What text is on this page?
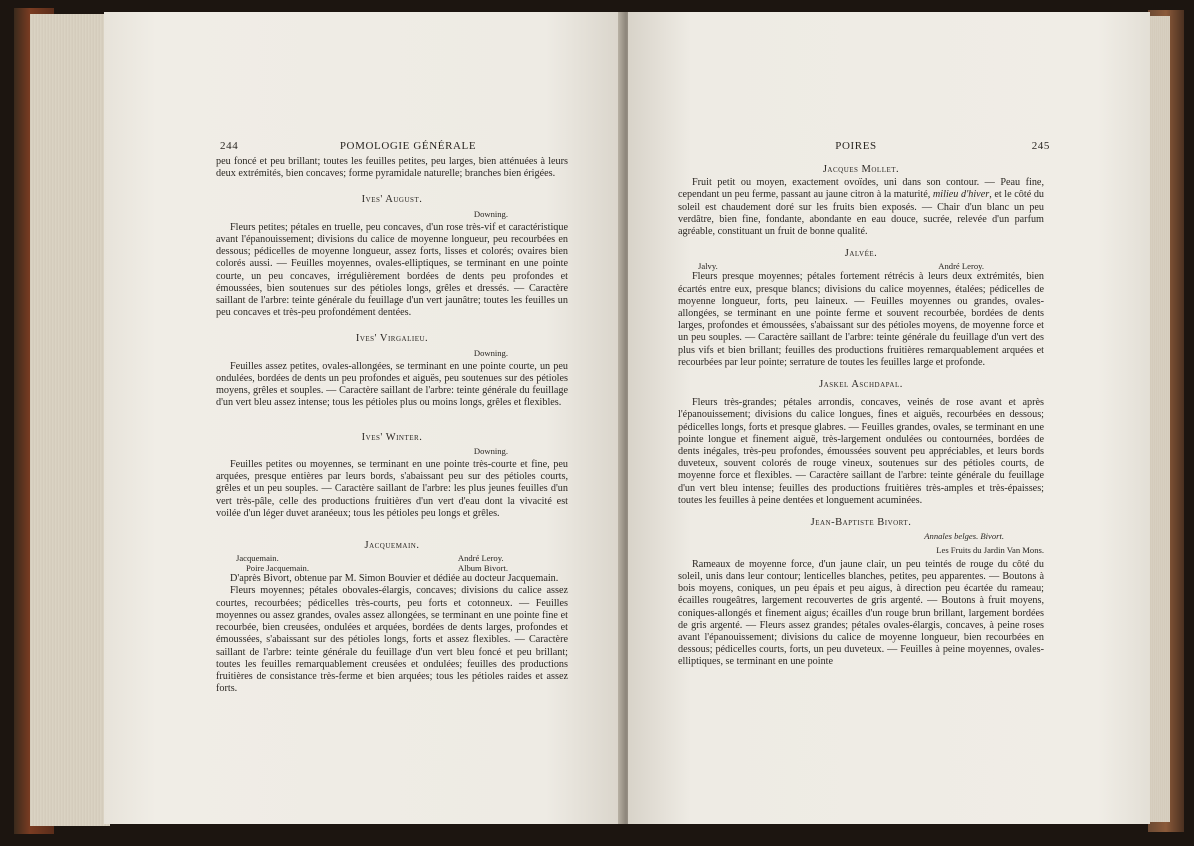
244	POMOLOGIE GÉNÉRALE

peu foncé et peu brillant; toutes les feuilles petites, peu larges, bien atténuées à leurs deux extrémités, bien concaves; forme pyramidale naturelle; branches bien érigées.

Ives' August.
Downing.

Fleurs petites; pétales en truelle, peu concaves, d'un rose très-vif et caractéristique avant l'épanouissement; divisions du calice de moyenne longueur, peu recourbées en dessous; pédicelles de moyenne longueur, assez forts, lisses et colorés; ovaires bien colorés aussi. — Feuilles moyennes, ovales-elliptiques, se terminant en une pointe courte, un peu concaves, irrégulièrement bordées de dents peu profondes et émoussées, bien soutenues sur des pétioles longs, grêles et dressés. — Caractère saillant de l'arbre: teinte générale du feuillage d'un vert jaunâtre; toutes les feuilles un peu concaves et très-peu profondément dentées.

Ives' Virgalieu.
Downing.

Feuilles assez petites, ovales-allongées, se terminant en une pointe courte, un peu ondulées, bordées de dents un peu profondes et aiguës, peu soutenues sur des pétioles moyens, grêles et souples. — Caractère saillant de l'arbre: teinte générale du feuillage d'un vert bleu assez intense; tous les pétioles plus ou moins longs, grêles et flexibles.

Ives' Winter.
Downing.

Feuilles petites ou moyennes, se terminant en une pointe très-courte et fine, peu arquées, presque entières par leurs bords, s'abaissant peu sur des pétioles courts, grêles et un peu souples. — Caractère saillant de l'arbre: les plus jeunes feuilles d'un vert très-pâle, celle des productions fruitières d'un vert d'eau dont la vivacité est voilée d'un léger duvet aranéeux; tous les pétioles peu longs et grêles.

Jacquemain.
Jacquemain.
Poire Jacquemain.
André Leroy.
Album Bivort.

D'après Bivort, obtenue par M. Simon Bouvier et dédiée au docteur Jacquemain.

Fleurs moyennes; pétales obovales-élargis, concaves; divisions du calice assez courtes, recourbées; pédicelles très-courts, peu forts et cotonneux. — Feuilles moyennes ou assez grandes, ovales assez allongées, se terminant en une pointe fine et recourbée, bien creusées, ondulées et arquées, bordées de dents larges, profondes et émoussées, s'abaissant sur des pétioles longs, forts et assez flexibles. — Caractère saillant de l'arbre: teinte générale du feuillage d'un vert bleu foncé et peu brillant; toutes les feuilles remarquablement creusées et ondulées; feuilles des productions fruitières de consistance très-ferme et bien arquées; tous les pétioles raides et assez forts.

POIRES	245
Jacques Mollet.

Fruit petit ou moyen, exactement ovoïdes, uni dans son contour. — Peau fine, cependant un peu ferme, passant au jaune citron à la maturité, milieu d'hiver, et le côté du soleil est chaudement doré sur les fruits bien exposés. — Chair d'un blanc un peu verdâtre, bien fine, fondante, abondante en eau douce, sucrée, relevée d'un parfum agréable, constituant un fruit de bonne qualité.

Jalvée.
Jalvy.	André Leroy.

Fleurs presque moyennes; pétales fortement rétrécis à leurs deux extrémités, bien écartés entre eux, presque blancs; divisions du calice moyennes, étalées; pédicelles de moyenne longueur, forts, peu laineux. — Feuilles moyennes ou grandes, ovales-allongées, se terminant en une pointe ferme et souvent recourbée, bordées de dents larges, profondes et émoussées, s'abaissant sur des pétioles moyens, de moyenne force et un peu souples. — Caractère saillant de l'arbre: teinte générale du feuillage d'un vert des plus vifs et bien brillant; feuilles des productions fruitières remarquablement arquées et recourbées par leur pointe; serrature de toutes les feuilles large et profonde.

Jaskel Aschdapal.

Fleurs très-grandes; pétales arrondis, concaves, veinés de rose avant et après l'épanouissement; divisions du calice longues, fines et aiguës, recourbées en dessous; pédicelles longs, forts et presque glabres. — Feuilles grandes, ovales, se terminant en une pointe longue et finement aiguë, très-largement ondulées ou contournées, bordées de dents inégales, très-peu profondes, émoussées souvent peu appréciables, et leurs bords duveteux, souvent colorés de rouge vineux, soutenues sur des pétioles courts, de moyenne force et flexibles. — Caractère saillant de l'arbre: teinte générale du feuillage d'un vert bleu intense; feuilles des productions fruitières très-amples et très-épaisses; toutes les feuilles à peine dentées et longuement acuminées.

Jean-Baptiste Bivort.
Annales belges. Bivort.
Les Fruits du Jardin Van Mons.

Rameaux de moyenne force, d'un jaune clair, un peu teintés de rouge du côté du soleil, unis dans leur contour; lenticelles blanches, petites, peu apparentes. — Boutons à bois moyens, coniques, un peu épais et peu aigus, à direction peu écartée du rameau; écailles rougeâtres, largement recouvertes de gris argenté. — Boutons à fruit moyens, coniques-allongés et finement aigus; écailles d'un rouge brun brillant, largement bordées de gris argenté. — Fleurs assez grandes; pétales ovales-élargis, concaves, à peine roses avant l'épanouissement; divisions du calice de moyenne longueur, bien recourbées en dessous; pédicelles courts, forts, un peu duveteux. — Feuilles à peine moyennes, ovales-elliptiques, se terminant en une pointe
